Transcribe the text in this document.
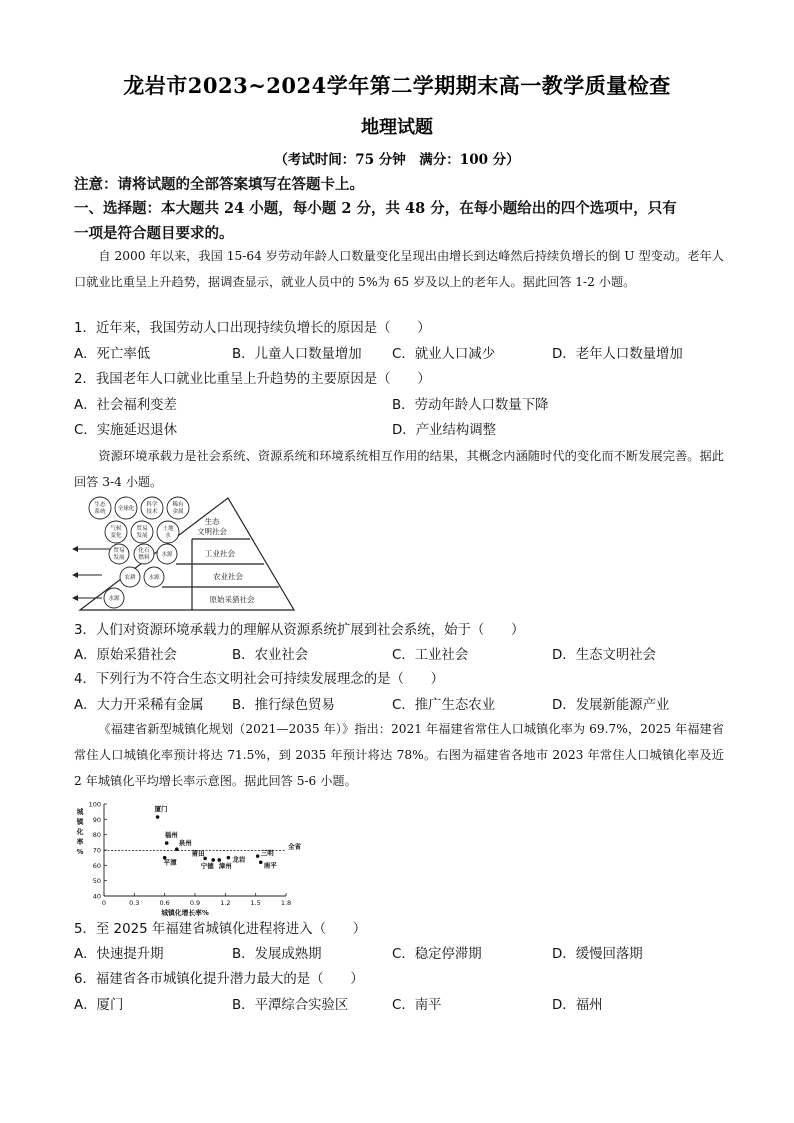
龙岩市2023~2024学年第二学期期末高一教学质量检查
地理试题
（考试时间：75 分钟　满分：100 分）
注意：请将试题的全部答案填写在答题卡上。
一、选择题：本大题共 24 小题，每小题 2 分，共 48 分，在每小题给出的四个选项中，只有
一项是符合题目要求的。
自 2000 年以来，我国 15-64 岁劳动年龄人口数量变化呈现出由增长到达峰然后持续负增长的倒 U 型变动。老年人口就业比重呈上升趋势，据调查显示，就业人员中的 5%为 65 岁及以上的老年人。据此回答 1-2 小题。
1．近年来，我国劳动人口出现持续负增长的原因是（　　）
A．死亡率低	B．儿童人口数量增加 C．就业人口减少	D．老年人口数量增加
2．我国老年人口就业比重呈上升趋势的主要原因是（　　）
A．社会福利变差	B．劳动年龄人口数量下降
C．实施延迟退休	D．产业结构调整
资源环境承载力是社会系统、资源系统和环境系统相互作用的结果，其概念内涵随时代的变化而不断发展完善。据此回答 3-4 小题。
生态
文明社会
工业社会
农业社会
原始采猎社会
生态
系统 全球化
科学
技术
稀有
金属
气候
变化
贸易
发展
土地
水
贸易
发展
化石
燃料 水源
农耕 水源
水源
3．人们对资源环境承载力的理解从资源系统扩展到社会系统，始于（　　）
A．原始采猎社会	B．农业社会	C．工业社会	D．生态文明社会
4．下列行为不符合生态文明社会可持续发展理念的是（　　）
A．大力开采稀有金属 B．推行绿色贸易	C．推广生态农业	D．发展新能源产业
《福建省新型城镇化规划（2021—2035 年）》指出：2021 年福建省常住人口城镇化率为 69.7%，2025 年福建省常住人口城镇化率预计将达 71.5%，到 2035 年预计将达 78%。右图为福建省各地市 2023 年常住人口城镇化率及近 2 年城镇化平均增长率示意图。据此回答 5-6 小题。
40
50
60
70
80
90
100
0	0.3	0.6	0.9	1.2	1.5	1.8
城
镇
化
率
%
城镇化增长率%
全省
厦门
福州
泉州
平潭
莆田
宁德 漳州
龙岩
三明
南平
5．至 2025 年福建省城镇化进程将进入（　　）
A．快速提升期	B．发展成熟期	C．稳定停滞期	D．缓慢回落期
6．福建省各市城镇化提升潜力最大的是（　　）
A．厦门	B．平潭综合实验区	C．南平	D．福州
